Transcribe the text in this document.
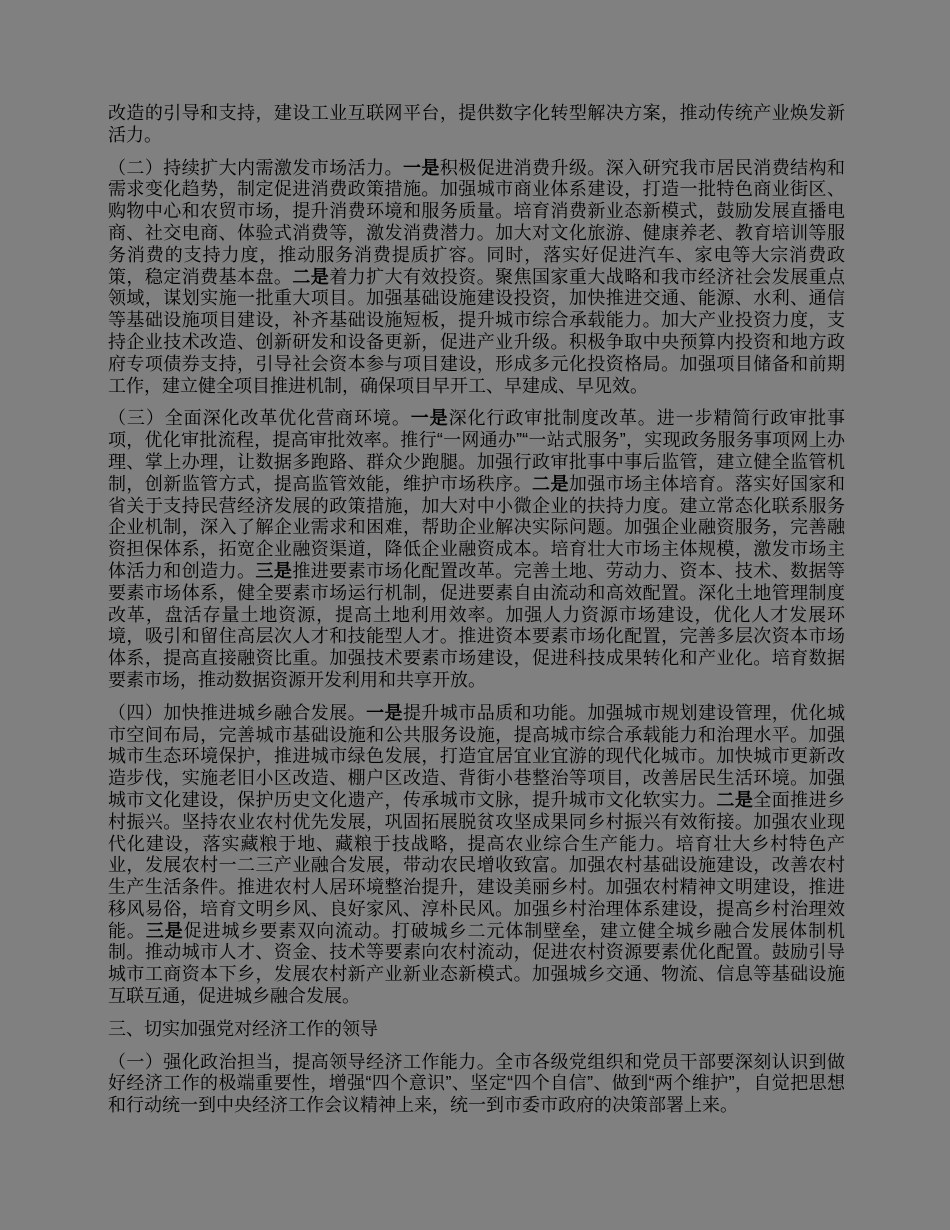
改造的引导和支持，建设工业互联网平台，提供数字化转型解决方案，推动传统产业焕发新活力。

（二）持续扩大内需激发市场活力。一是积极促进消费升级。深入研究我市居民消费结构和需求变化趋势，制定促进消费政策措施。加强城市商业体系建设，打造一批特色商业街区、购物中心和农贸市场，提升消费环境和服务质量。培育消费新业态新模式，鼓励发展直播电商、社交电商、体验式消费等，激发消费潜力。加大对文化旅游、健康养老、教育培训等服务消费的支持力度，推动服务消费提质扩容。同时，落实好促进汽车、家电等大宗消费政策，稳定消费基本盘。二是着力扩大有效投资。聚焦国家重大战略和我市经济社会发展重点领域，谋划实施一批重大项目。加强基础设施建设投资，加快推进交通、能源、水利、通信等基础设施项目建设，补齐基础设施短板，提升城市综合承载能力。加大产业投资力度，支持企业技术改造、创新研发和设备更新，促进产业升级。积极争取中央预算内投资和地方政府专项债券支持，引导社会资本参与项目建设，形成多元化投资格局。加强项目储备和前期工作，建立健全项目推进机制，确保项目早开工、早建成、早见效。

（三）全面深化改革优化营商环境。一是深化行政审批制度改革。进一步精简行政审批事项，优化审批流程，提高审批效率。推行“一网通办”“一站式服务”，实现政务服务事项网上办理、掌上办理，让数据多跑路、群众少跑腿。加强行政审批事中事后监管，建立健全监管机制，创新监管方式，提高监管效能，维护市场秩序。二是加强市场主体培育。落实好国家和省关于支持民营经济发展的政策措施，加大对中小微企业的扶持力度。建立常态化联系服务企业机制，深入了解企业需求和困难，帮助企业解决实际问题。加强企业融资服务，完善融资担保体系，拓宽企业融资渠道，降低企业融资成本。培育壮大市场主体规模，激发市场主体活力和创造力。三是推进要素市场化配置改革。完善土地、劳动力、资本、技术、数据等要素市场体系，健全要素市场运行机制，促进要素自由流动和高效配置。深化土地管理制度改革，盘活存量土地资源，提高土地利用效率。加强人力资源市场建设，优化人才发展环境，吸引和留住高层次人才和技能型人才。推进资本要素市场化配置，完善多层次资本市场体系，提高直接融资比重。加强技术要素市场建设，促进科技成果转化和产业化。培育数据要素市场，推动数据资源开发利用和共享开放。

（四）加快推进城乡融合发展。一是提升城市品质和功能。加强城市规划建设管理，优化城市空间布局，完善城市基础设施和公共服务设施，提高城市综合承载能力和治理水平。加强城市生态环境保护，推进城市绿色发展，打造宜居宜业宜游的现代化城市。加快城市更新改造步伐，实施老旧小区改造、棚户区改造、背街小巷整治等项目，改善居民生活环境。加强城市文化建设，保护历史文化遗产，传承城市文脉，提升城市文化软实力。二是全面推进乡村振兴。坚持农业农村优先发展，巩固拓展脱贫攻坚成果同乡村振兴有效衔接。加强农业现代化建设，落实藏粮于地、藏粮于技战略，提高农业综合生产能力。培育壮大乡村特色产业，发展农村一二三产业融合发展，带动农民增收致富。加强农村基础设施建设，改善农村生产生活条件。推进农村人居环境整治提升，建设美丽乡村。加强农村精神文明建设，推进移风易俗，培育文明乡风、良好家风、淳朴民风。加强乡村治理体系建设，提高乡村治理效能。三是促进城乡要素双向流动。打破城乡二元体制壁垒，建立健全城乡融合发展体制机制。推动城市人才、资金、技术等要素向农村流动，促进农村资源要素优化配置。鼓励引导城市工商资本下乡，发展农村新产业新业态新模式。加强城乡交通、物流、信息等基础设施互联互通，促进城乡融合发展。

三、切实加强党对经济工作的领导

（一）强化政治担当，提高领导经济工作能力。全市各级党组织和党员干部要深刻认识到做好经济工作的极端重要性，增强“四个意识”、坚定“四个自信”、做到“两个维护”，自觉把思想和行动统一到中央经济工作会议精神上来，统一到市委市政府的决策部署上来。
